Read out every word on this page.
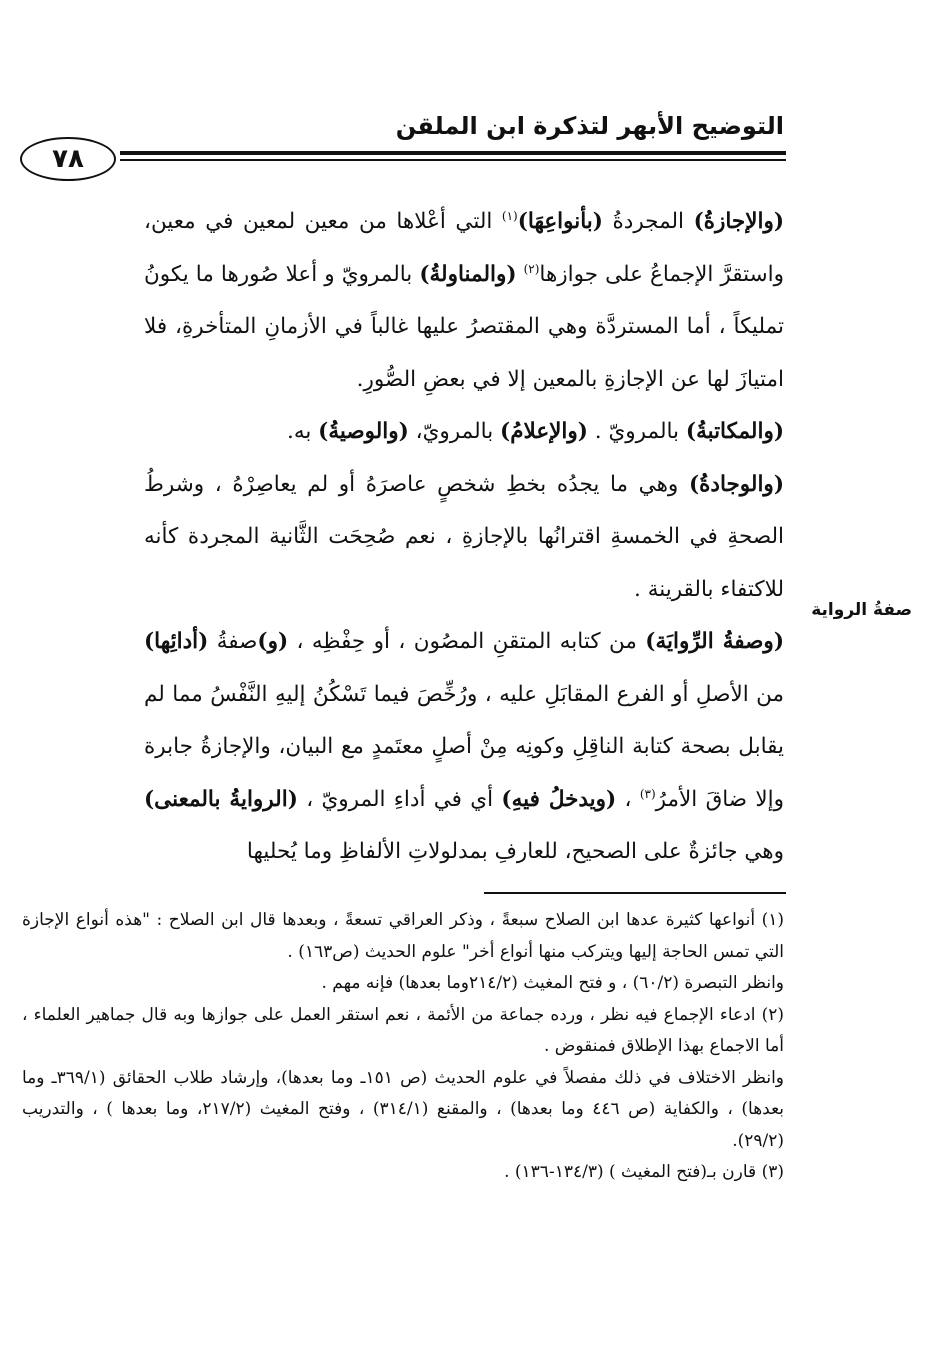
التوضيح الأبهر لتذكرة ابن الملقن
٧٨
صفةُ الرواية

(والإجازةُ) المجردةُ (بأنواعِهَا)$^{(١)}$ التي أعْلاها من معين لمعين في معين، واستقرَّ الإجماعُ على جوازها$^{(٢)}$ (والمناولةُ) بالمرويّ و أعلا صُورها ما يكونُ تمليكاً ، أما المستردَّة وهي المقتصرُ عليها غالباً في الأزمانِ المتأخرةِ، فلا امتيازَ لها عن الإجازةِ بالمعين إلا في بعضِ الصُّورِ.

(والمكاتبةُ) بالمرويّ . (والإعلامُ) بالمرويّ، (والوصيةُ) به.

(والوجادةُ) وهي ما يجدُه بخطِ شخصٍ عاصرَهُ أو لم يعاصِرْهُ ، وشرطُ الصحةِ في الخمسةِ اقترانُها بالإجازةِ ، نعم صُحِحَت الثَّانية المجردة كأنه للاكتفاء بالقرينة .

(وصفةُ الرِّوايَة) من كتابه المتقنِ المصُون ، أو حِفْظِه ، (و)صفةُ (أدائِها) من الأصلِ أو الفرع المقابَلِ عليه ، ورُخِّصَ فيما تَسْكُنُ إليهِ النَّفْسُ مما لم يقابل بصحة كتابة الناقِلِ وكونِه مِنْ أصلٍ معتَمدٍ مع البيان، والإجازةُ جابرة وإلا ضاقَ الأمرُ$^{(٣)}$ ، (ويدخلُ فيهِ) أي في أداءِ المرويّ ، (الروايةُ بالمعنى) وهي جائزةٌ على الصحيح، للعارفِ بمدلولاتِ الألفاظِ وما يُحليها

(١) أنواعها كثيرة عدها ابن الصلاح سبعةً ، وذكر العراقي تسعةً ، وبعدها قال ابن الصلاح : "هذه أنواع الإجازة التي تمس الحاجة إليها ويتركب منها أنواع أخر" علوم الحديث (ص١٦٣) .

وانظر التبصرة (٦٠/٢) ، و فتح المغيث (٢١٤/٢وما بعدها) فإنه مهم .

(٢) ادعاء الإجماع فيه نظر ، ورده جماعة من الأئمة ، نعم استقر العمل على جوازها وبه قال جماهير العلماء ، أما الاجماع بهذا الإطلاق فمنقوض .

وانظر الاختلاف في ذلك مفصلاً في علوم الحديث (ص ١٥١ـ وما بعدها)، وإرشاد طلاب الحقائق (٣٦٩/١ـ وما بعدها) ، والكفاية (ص ٤٤٦ وما بعدها) ، والمقنع (٣١٤/١) ، وفتح المغيث (٢١٧/٢، وما بعدها ) ، والتدريب (٢٩/٢).

(٣) قارن بـ(فتح المغيث ) (١٣٤/٣-١٣٦) .
